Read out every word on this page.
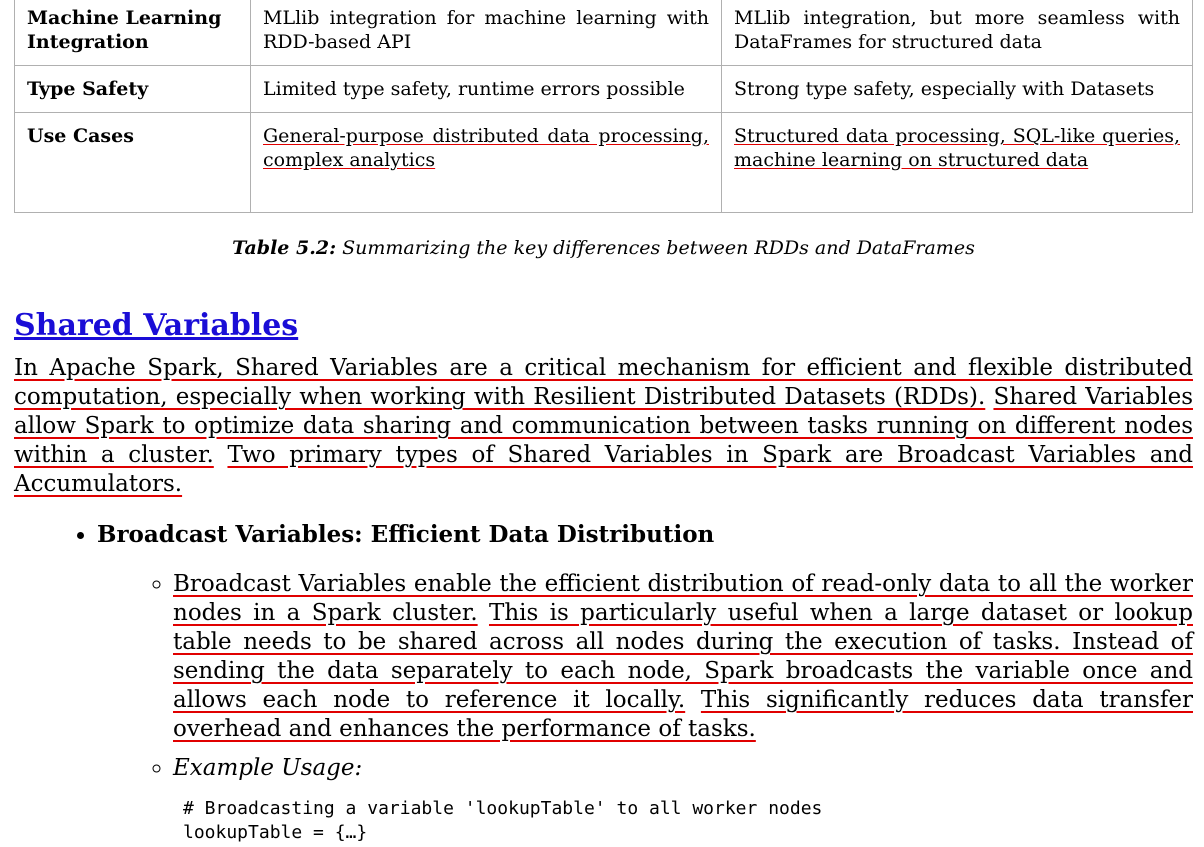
Machine Learning Integration	MLlib integration for machine learning with RDD-based API	MLlib integration, but more seamless with DataFrames for structured data
Type Safety	Limited type safety, runtime errors possible	Strong type safety, especially with Datasets
Use Cases	General-purpose distributed data processing, complex analytics	Structured data processing, SQL-like queries, machine learning on structured data
Table 5.2: Summarizing the key differences between RDDs and DataFrames
Shared Variables

In Apache Spark, Shared Variables are a critical mechanism for efficient and flexible distributed computation, especially when working with Resilient Distributed Datasets (RDDs). Shared Variables allow Spark to optimize data sharing and communication between tasks running on different nodes within a cluster. Two primary types of Shared Variables in Spark are Broadcast Variables and Accumulators.

• Broadcast Variables: Efficient Data Distribution
◦ Broadcast Variables enable the efficient distribution of read-only data to all the worker nodes in a Spark cluster. This is particularly useful when a large dataset or lookup table needs to be shared across all nodes during the execution of tasks. Instead of sending the data separately to each node, Spark broadcasts the variable once and allows each node to reference it locally. This significantly reduces data transfer overhead and enhances the performance of tasks.
◦ Example Usage:
# Broadcasting a variable 'lookupTable' to all worker nodes
lookupTable = {…}
